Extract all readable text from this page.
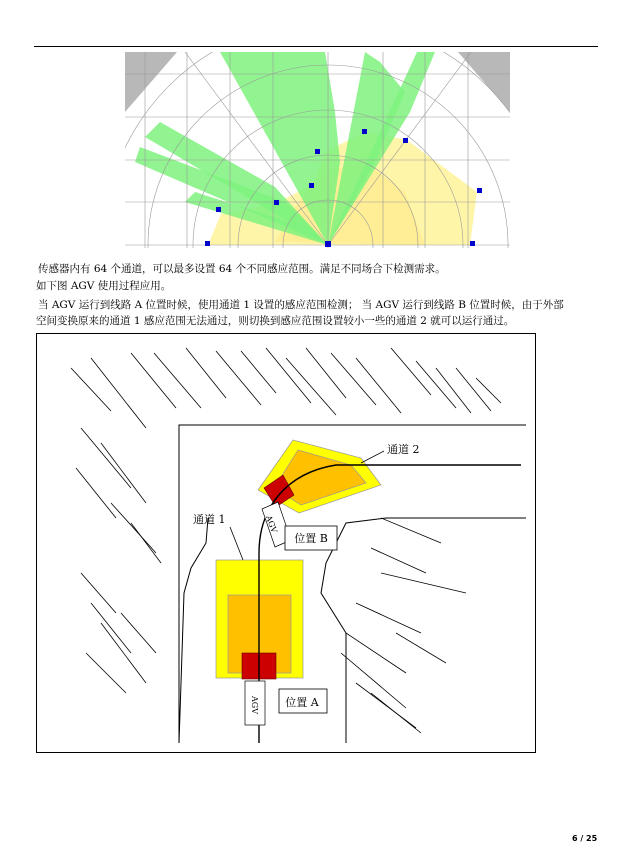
传感器内有 64 个通道，可以最多设置 64 个不同感应范围。满足不同场合下检测需求。
如下图 AGV 使用过程应用。
当 AGV 运行到线路 A 位置时候，使用通道 1 设置的感应范围检测； 当 AGV 运行到线路 B 位置时候，由于外部
空间变换原来的通道 1 感应范围无法通过，则切换到感应范围设置较小一些的通道 2 就可以运行通过。
AGV
AGV
位置 A
位置 B
通道 1
通道 2
6 / 25
